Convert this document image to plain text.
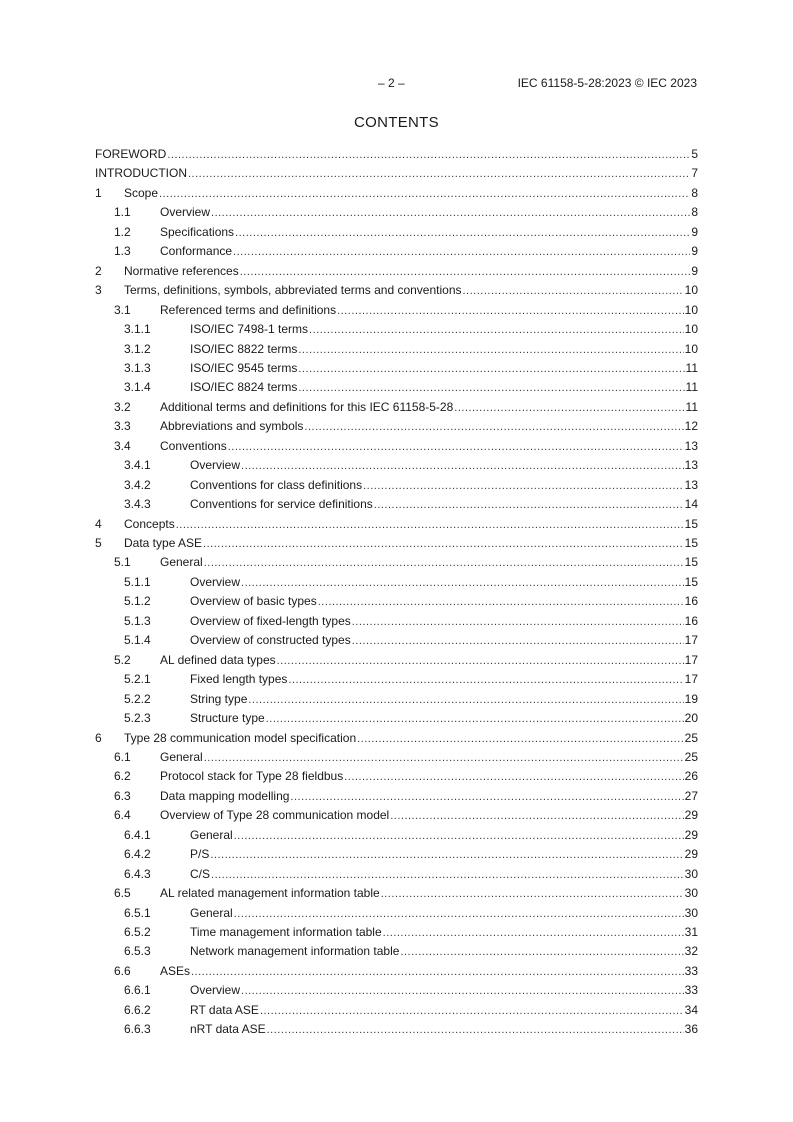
– 2 –	IEC 61158-5-28:2023 © IEC 2023
CONTENTS
FOREWORD .....	5
INTRODUCTION .....	7
1 Scope .....	8
1.1 Overview .....	8
1.2 Specifications .....	9
1.3 Conformance .....	9
2 Normative references .....	9
3 Terms, definitions, symbols, abbreviated terms and conventions .....	10
3.1 Referenced terms and definitions .....	10
3.1.1	ISO/IEC 7498-1 terms .....	10
3.1.2	ISO/IEC 8822 terms .....	10
3.1.3	ISO/IEC 9545 terms .....	11
3.1.4	ISO/IEC 8824 terms .....	11
3.2 Additional terms and definitions for this IEC 61158-5-28 .....	11
3.3 Abbreviations and symbols .....	12
3.4 Conventions .....	13
3.4.1	Overview .....	13
3.4.2	Conventions for class definitions .....	13
3.4.3	Conventions for service definitions .....	14
4 Concepts .....	15
5 Data type ASE .....	15
5.1 General .....	15
5.1.1	Overview .....	15
5.1.2	Overview of basic types .....	16
5.1.3	Overview of fixed-length types .....	16
5.1.4	Overview of constructed types .....	17
5.2 AL defined data types .....	17
5.2.1	Fixed length types .....	17
5.2.2	String type .....	19
5.2.3	Structure type .....	20
6 Type 28 communication model specification .....	25
6.1 General .....	25
6.2 Protocol stack for Type 28 fieldbus .....	26
6.3 Data mapping modelling .....	27
6.4 Overview of Type 28 communication model .....	29
6.4.1	General .....	29
6.4.2	P/S .....	29
6.4.3	C/S .....	30
6.5 AL related management information table .....	30
6.5.1	General .....	30
6.5.2	Time management information table .....	31
6.5.3	Network management information table .....	32
6.6 ASEs .....	33
6.6.1	Overview .....	33
6.6.2	RT data ASE .....	34
6.6.3	nRT data ASE .....	36
